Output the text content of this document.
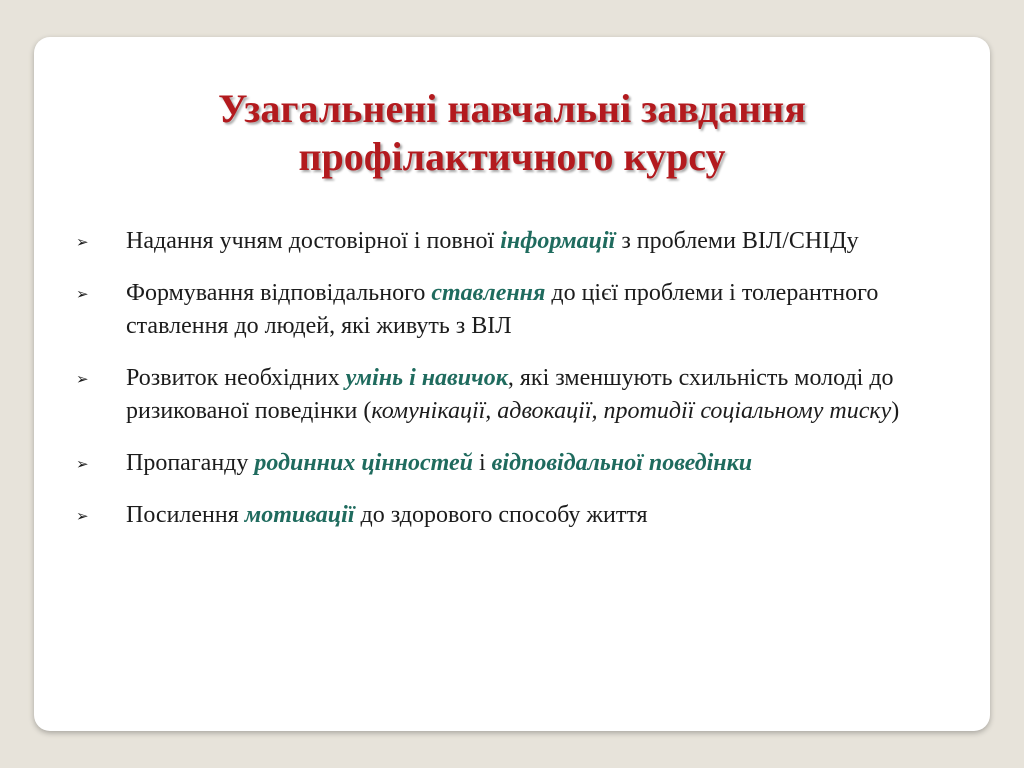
Узагальнені навчальні завдання
профілактичного курсу
➢ Надання учням достовірної і повної інформації з проблеми ВІЛ/СНІДу
➢ Формування відповідального ставлення до цієї проблеми і толерантного ставлення до людей, які живуть з ВІЛ
➢ Розвиток необхідних умінь і навичок, які зменшують схильність молоді до ризикованої поведінки (комунікації, адвокації, протидії соціальному тиску)
➢ Пропаганду родинних цінностей і відповідальної поведінки
➢ Посилення мотивації до здорового способу життя
